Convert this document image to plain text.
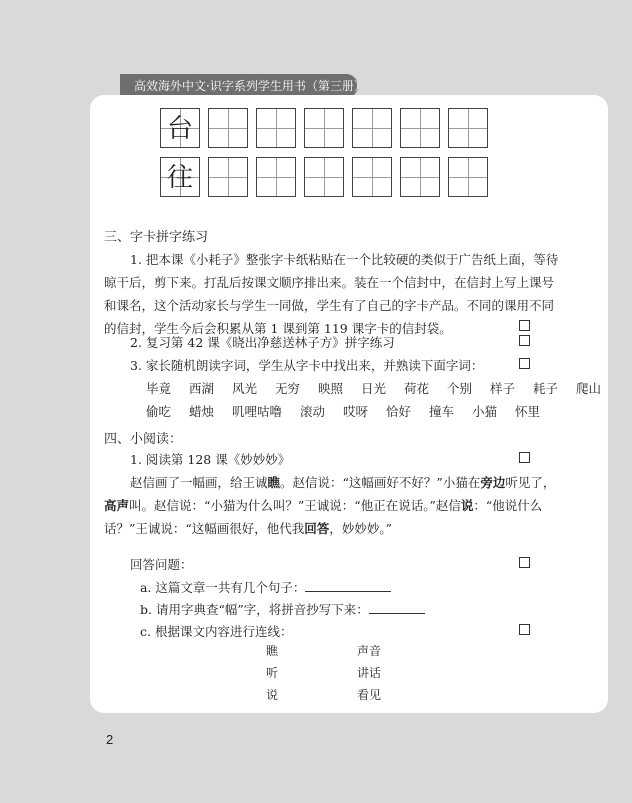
高效海外中文·识字系列学生用书（第三册）
台
往
三、字卡拼字练习
1. 把本课《小耗子》整张字卡纸粘贴在一个比较硬的类似于广告纸上面，等待
晾干后，剪下来。打乱后按课文顺序排出来。装在一个信封中，在信封上写上课号
和课名，这个活动家长与学生一同做，学生有了自己的字卡产品。不同的课用不同
的信封，学生今后会积累从第 1 课到第 119 课字卡的信封袋。
2. 复习第 42 课《晓出净慈送林子方》拼字练习
3. 家长随机朗读字词，学生从字卡中找出来，并熟读下面字词：
毕竟 西湖 风光 无穷 映照 日光 荷花 个别 样子 耗子 爬山
偷吃 蜡烛 叽哩咕噜 滚动 哎呀 恰好 撞车 小猫 怀里
四、小阅读：
1. 阅读第 128 课《妙妙妙》
赵信画了一幅画，给王诚瞧。赵信说：“这幅画好不好？”小猫在旁边听见了，
高声叫。赵信说：“小猫为什么叫？”王诚说：“他正在说话。”赵信说：“他说什么
话？”王诚说：“这幅画很好，他代我回答，妙妙妙。”
回答问题：
a. 这篇文章一共有几个句子：
b. 请用字典查“幅”字，将拼音抄写下来：
c. 根据课文内容进行连线：
瞧
听
说
声音
讲话
看见
2
